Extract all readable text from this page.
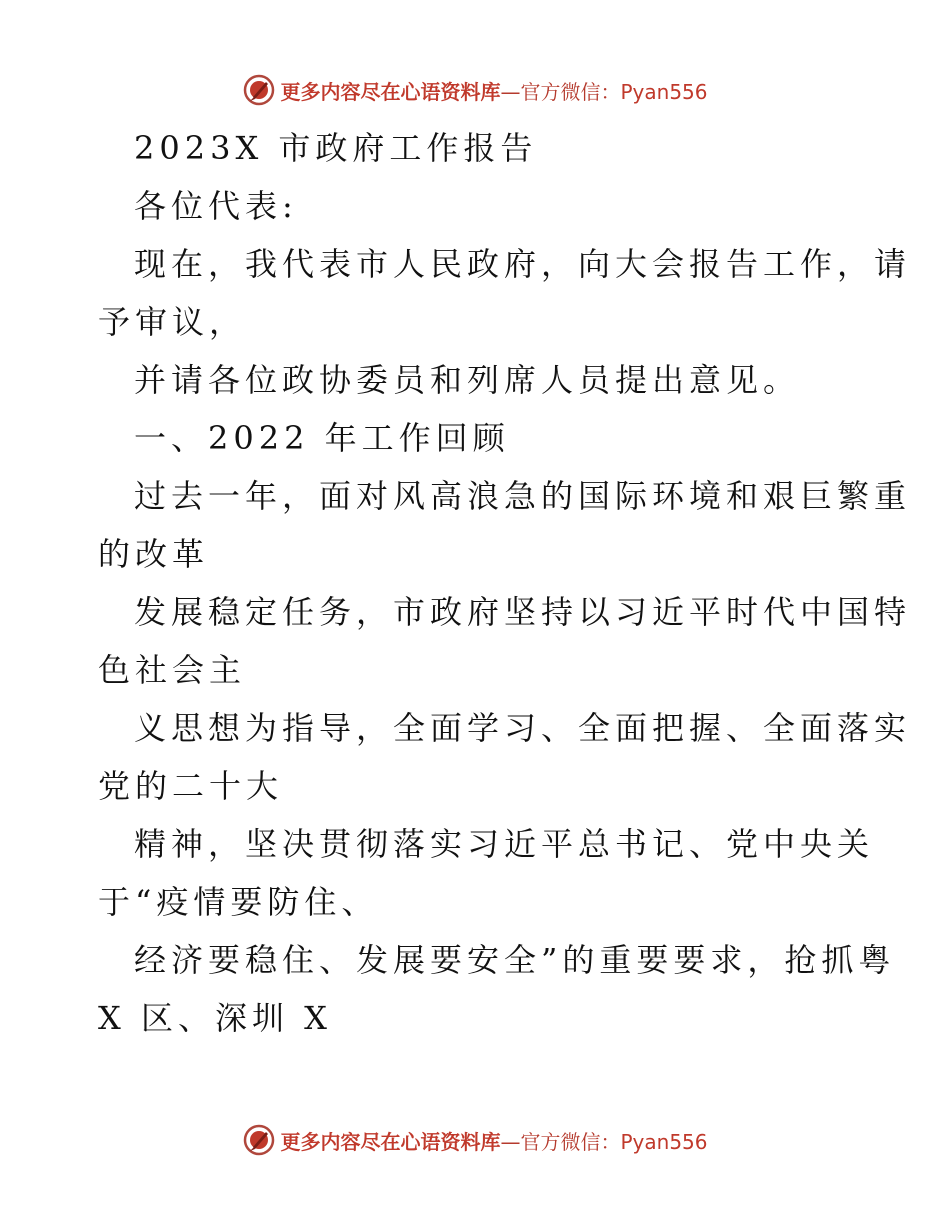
更多内容尽在心语资料库—官方微信：Pyan556
2023X 市政府工作报告
各位代表:
现在，我代表市人民政府，向大会报告工作，请
予审议，
并请各位政协委员和列席人员提出意见。
一、2022 年工作回顾
过去一年，面对风高浪急的国际环境和艰巨繁重
的改革
发展稳定任务，市政府坚持以习近平时代中国特
色社会主
义思想为指导，全面学习、全面把握、全面落实
党的二十大
精神，坚决贯彻落实习近平总书记、党中央关
于“疫情要防住、
经济要稳住、发展要安全”的重要要求，抢抓粤
X 区、深圳 X
更多内容尽在心语资料库—官方微信：Pyan556
